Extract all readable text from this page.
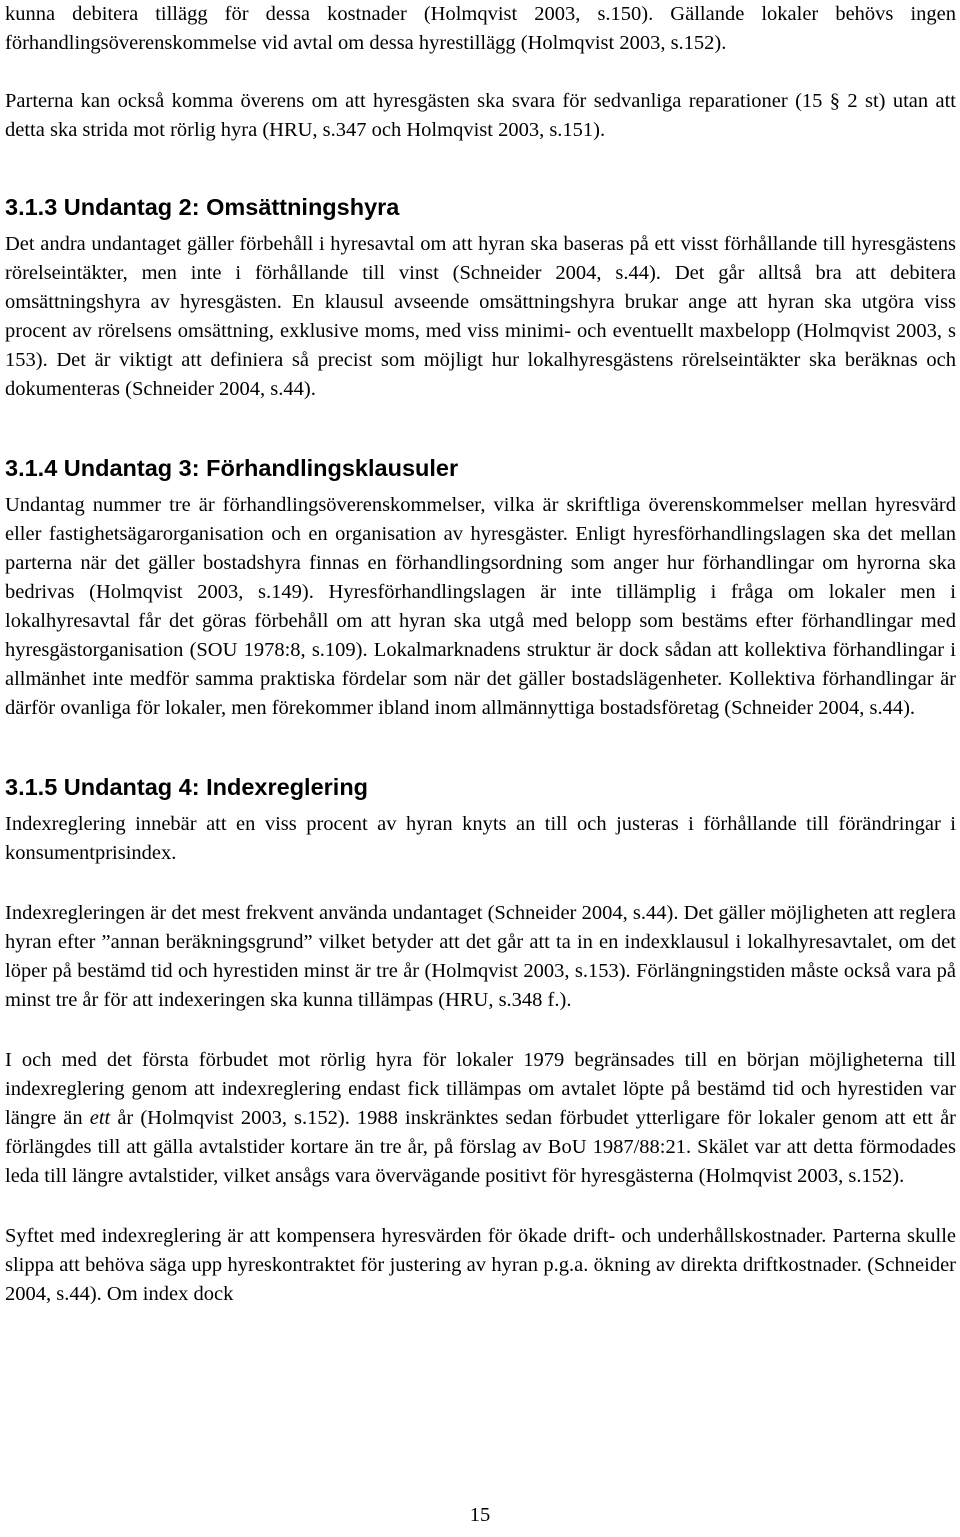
kunna debitera tillägg för dessa kostnader (Holmqvist 2003, s.150). Gällande lokaler behövs ingen förhandlingsöverenskommelse vid avtal om dessa hyrestillägg (Holmqvist 2003, s.152).

Parterna kan också komma överens om att hyresgästen ska svara för sedvanliga reparationer (15 § 2 st) utan att detta ska strida mot rörlig hyra (HRU, s.347 och Holmqvist 2003, s.151).

3.1.3 Undantag 2: Omsättningshyra

Det andra undantaget gäller förbehåll i hyresavtal om att hyran ska baseras på ett visst förhållande till hyresgästens rörelseintäkter, men inte i förhållande till vinst (Schneider 2004, s.44). Det går alltså bra att debitera omsättningshyra av hyresgästen. En klausul avseende omsättningshyra brukar ange att hyran ska utgöra viss procent av rörelsens omsättning, exklusive moms, med viss minimi- och eventuellt maxbelopp (Holmqvist 2003, s 153). Det är viktigt att definiera så precist som möjligt hur lokalhyresgästens rörelseintäkter ska beräknas och dokumenteras (Schneider 2004, s.44).

3.1.4 Undantag 3: Förhandlingsklausuler

Undantag nummer tre är förhandlingsöverenskommelser, vilka är skriftliga överenskommelser mellan hyresvärd eller fastighetsägarorganisation och en organisation av hyresgäster. Enligt hyresförhandlingslagen ska det mellan parterna när det gäller bostadshyra finnas en förhandlingsordning som anger hur förhandlingar om hyrorna ska bedrivas (Holmqvist 2003, s.149). Hyresförhandlingslagen är inte tillämplig i fråga om lokaler men i lokalhyresavtal får det göras förbehåll om att hyran ska utgå med belopp som bestäms efter förhandlingar med hyresgästorganisation (SOU 1978:8, s.109). Lokalmarknadens struktur är dock sådan att kollektiva förhandlingar i allmänhet inte medför samma praktiska fördelar som när det gäller bostadslägenheter. Kollektiva förhandlingar är därför ovanliga för lokaler, men förekommer ibland inom allmännyttiga bostadsföretag (Schneider 2004, s.44).

3.1.5 Undantag 4: Indexreglering

Indexreglering innebär att en viss procent av hyran knyts an till och justeras i förhållande till förändringar i konsumentprisindex.

Indexregleringen är det mest frekvent använda undantaget (Schneider 2004, s.44). Det gäller möjligheten att reglera hyran efter ”annan beräkningsgrund” vilket betyder att det går att ta in en indexklausul i lokalhyresavtalet, om det löper på bestämd tid och hyrestiden minst är tre år (Holmqvist 2003, s.153). Förlängningstiden måste också vara på minst tre år för att indexeringen ska kunna tillämpas (HRU, s.348 f.).

I och med det första förbudet mot rörlig hyra för lokaler 1979 begränsades till en början möjligheterna till indexreglering genom att indexreglering endast fick tillämpas om avtalet löpte på bestämd tid och hyrestiden var längre än ett år (Holmqvist 2003, s.152). 1988 inskränktes sedan förbudet ytterligare för lokaler genom att ett år förlängdes till att gälla avtalstider kortare än tre år, på förslag av BoU 1987/88:21. Skälet var att detta förmodades leda till längre avtalstider, vilket ansågs vara övervägande positivt för hyresgästerna (Holmqvist 2003, s.152).

Syftet med indexreglering är att kompensera hyresvärden för ökade drift- och underhållskostnader. Parterna skulle slippa att behöva säga upp hyreskontraktet för justering av hyran p.g.a. ökning av direkta driftkostnader. (Schneider 2004, s.44). Om index dock

15
